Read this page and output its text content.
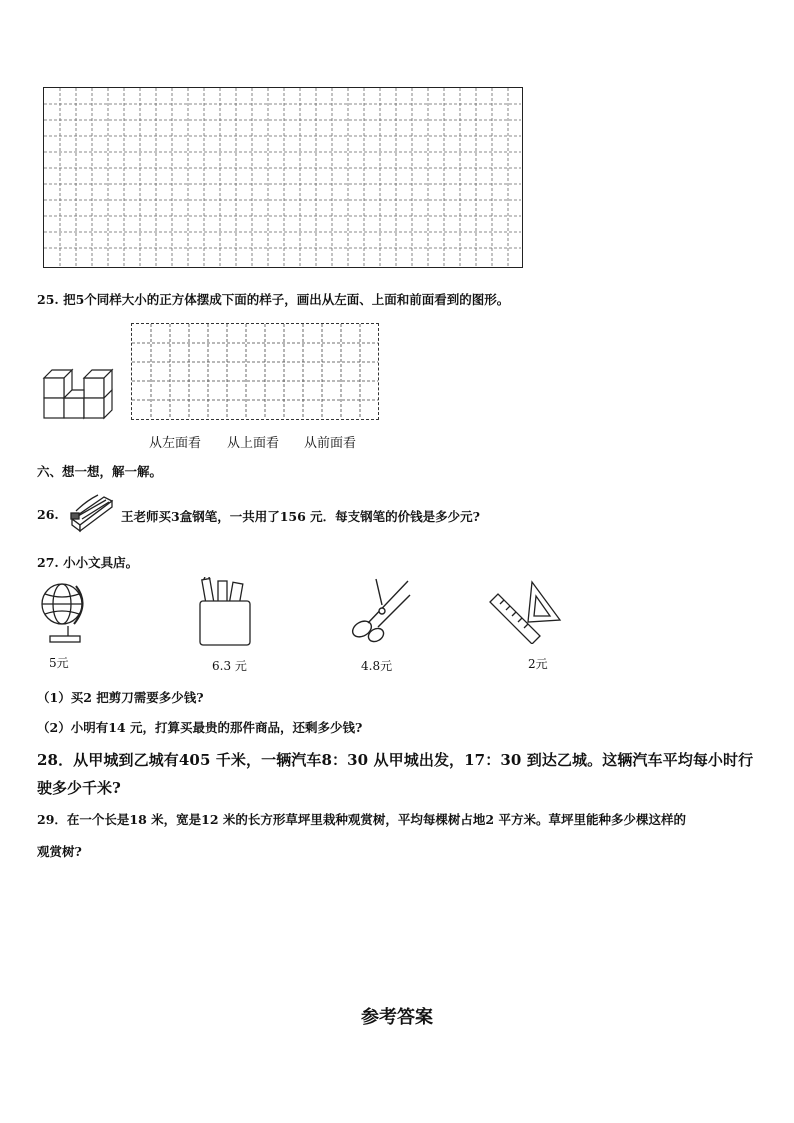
25. 把5个同样大小的正方体摆成下面的样子，画出从左面、上面和前面看到的图形。
从左面看 从上面看 从前面看
六、想一想，解一解。
26.	王老师买3盒钢笔，一共用了156 元．每支钢笔的价钱是多少元?
27. 小小文具店。
5元	6.3 元	4.8元	2元
（1）买2 把剪刀需要多少钱?
（2）小明有14 元，打算买最贵的那件商品，还剩多少钱?
28．从甲城到乙城有405 千米，一辆汽车8：30 从甲城出发，17：30 到达乙城。这辆汽车平均每小时行
驶多少千米?
29．在一个长是18 米，宽是12 米的长方形草坪里栽种观赏树，平均每棵树占地2 平方米。草坪里能种多少棵这样的
观赏树?
参考答案
